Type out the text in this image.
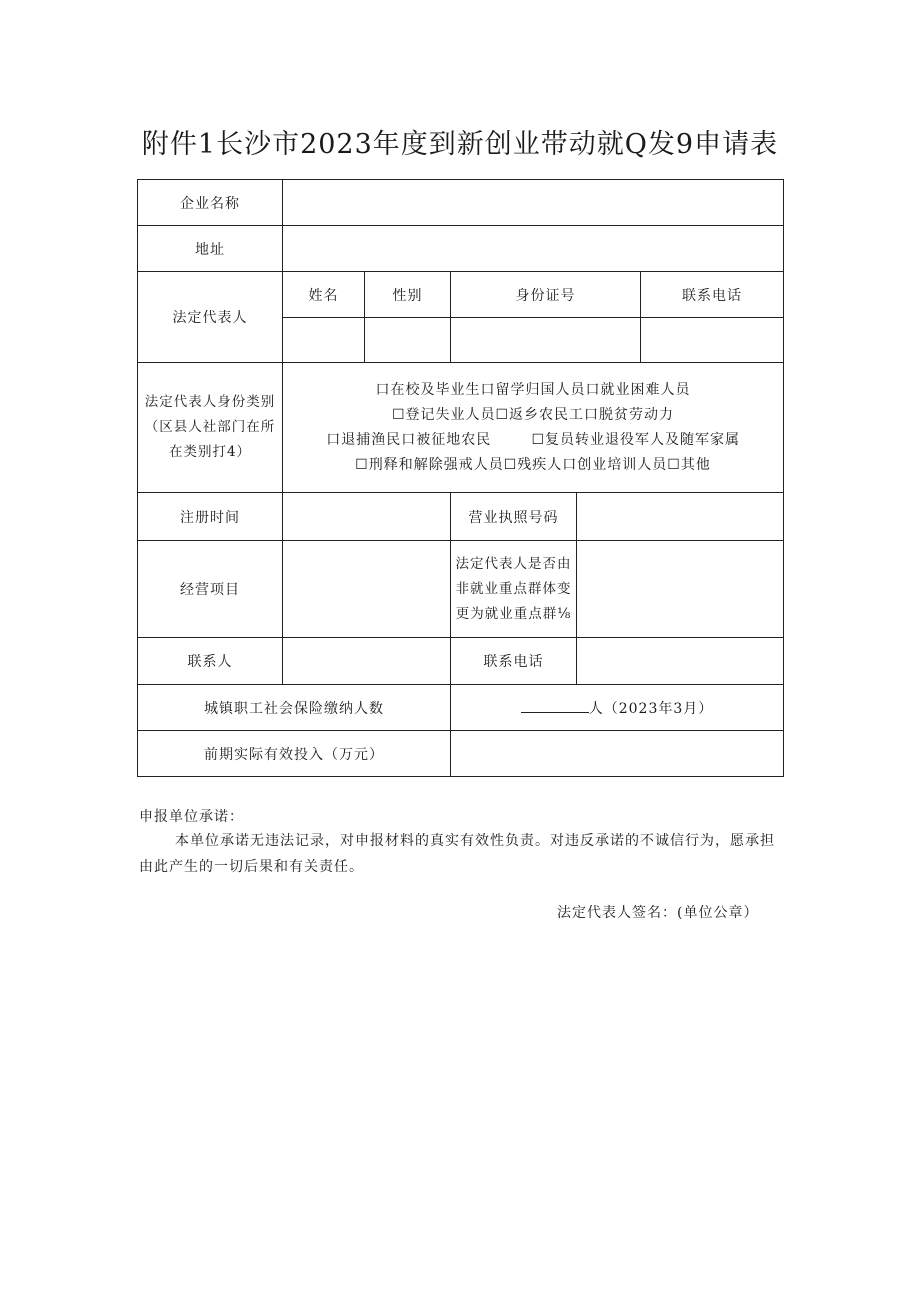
附件1长沙市2023年度到新创业带动就Q发9申请表
企业名称					
地址					
法定代表人	姓名	性别	身份证号		联系电话

法定代表人身份类别（区县人社部门在所在类别打4）	口在校及毕业生口留学归国人员口就业困难人员
☐登记失业人员☐返乡农民工口脱贫劳动力
口退捕渔民口被征地农民 ☐复员转业退役军人及随军家属
☐刑释和解除强戒人员☐残疾人口创业培训人员☐其他				

注册时间			营业执照号码		
经营项目			法定代表人是否由非就业重点群体变更为就业重点群⅛		
联系人			联系电话		
城镇职工社会保险缴纳人数			人（2023年3月）		
前期实际有效投入（万元）					
申报单位承诺：
本单位承诺无违法记录，对申报材料的真实有效性负责。对违反承诺的不诚信行为，愿承担由此产生的一切后果和有关责任。
法定代表人签名：(单位公章）
